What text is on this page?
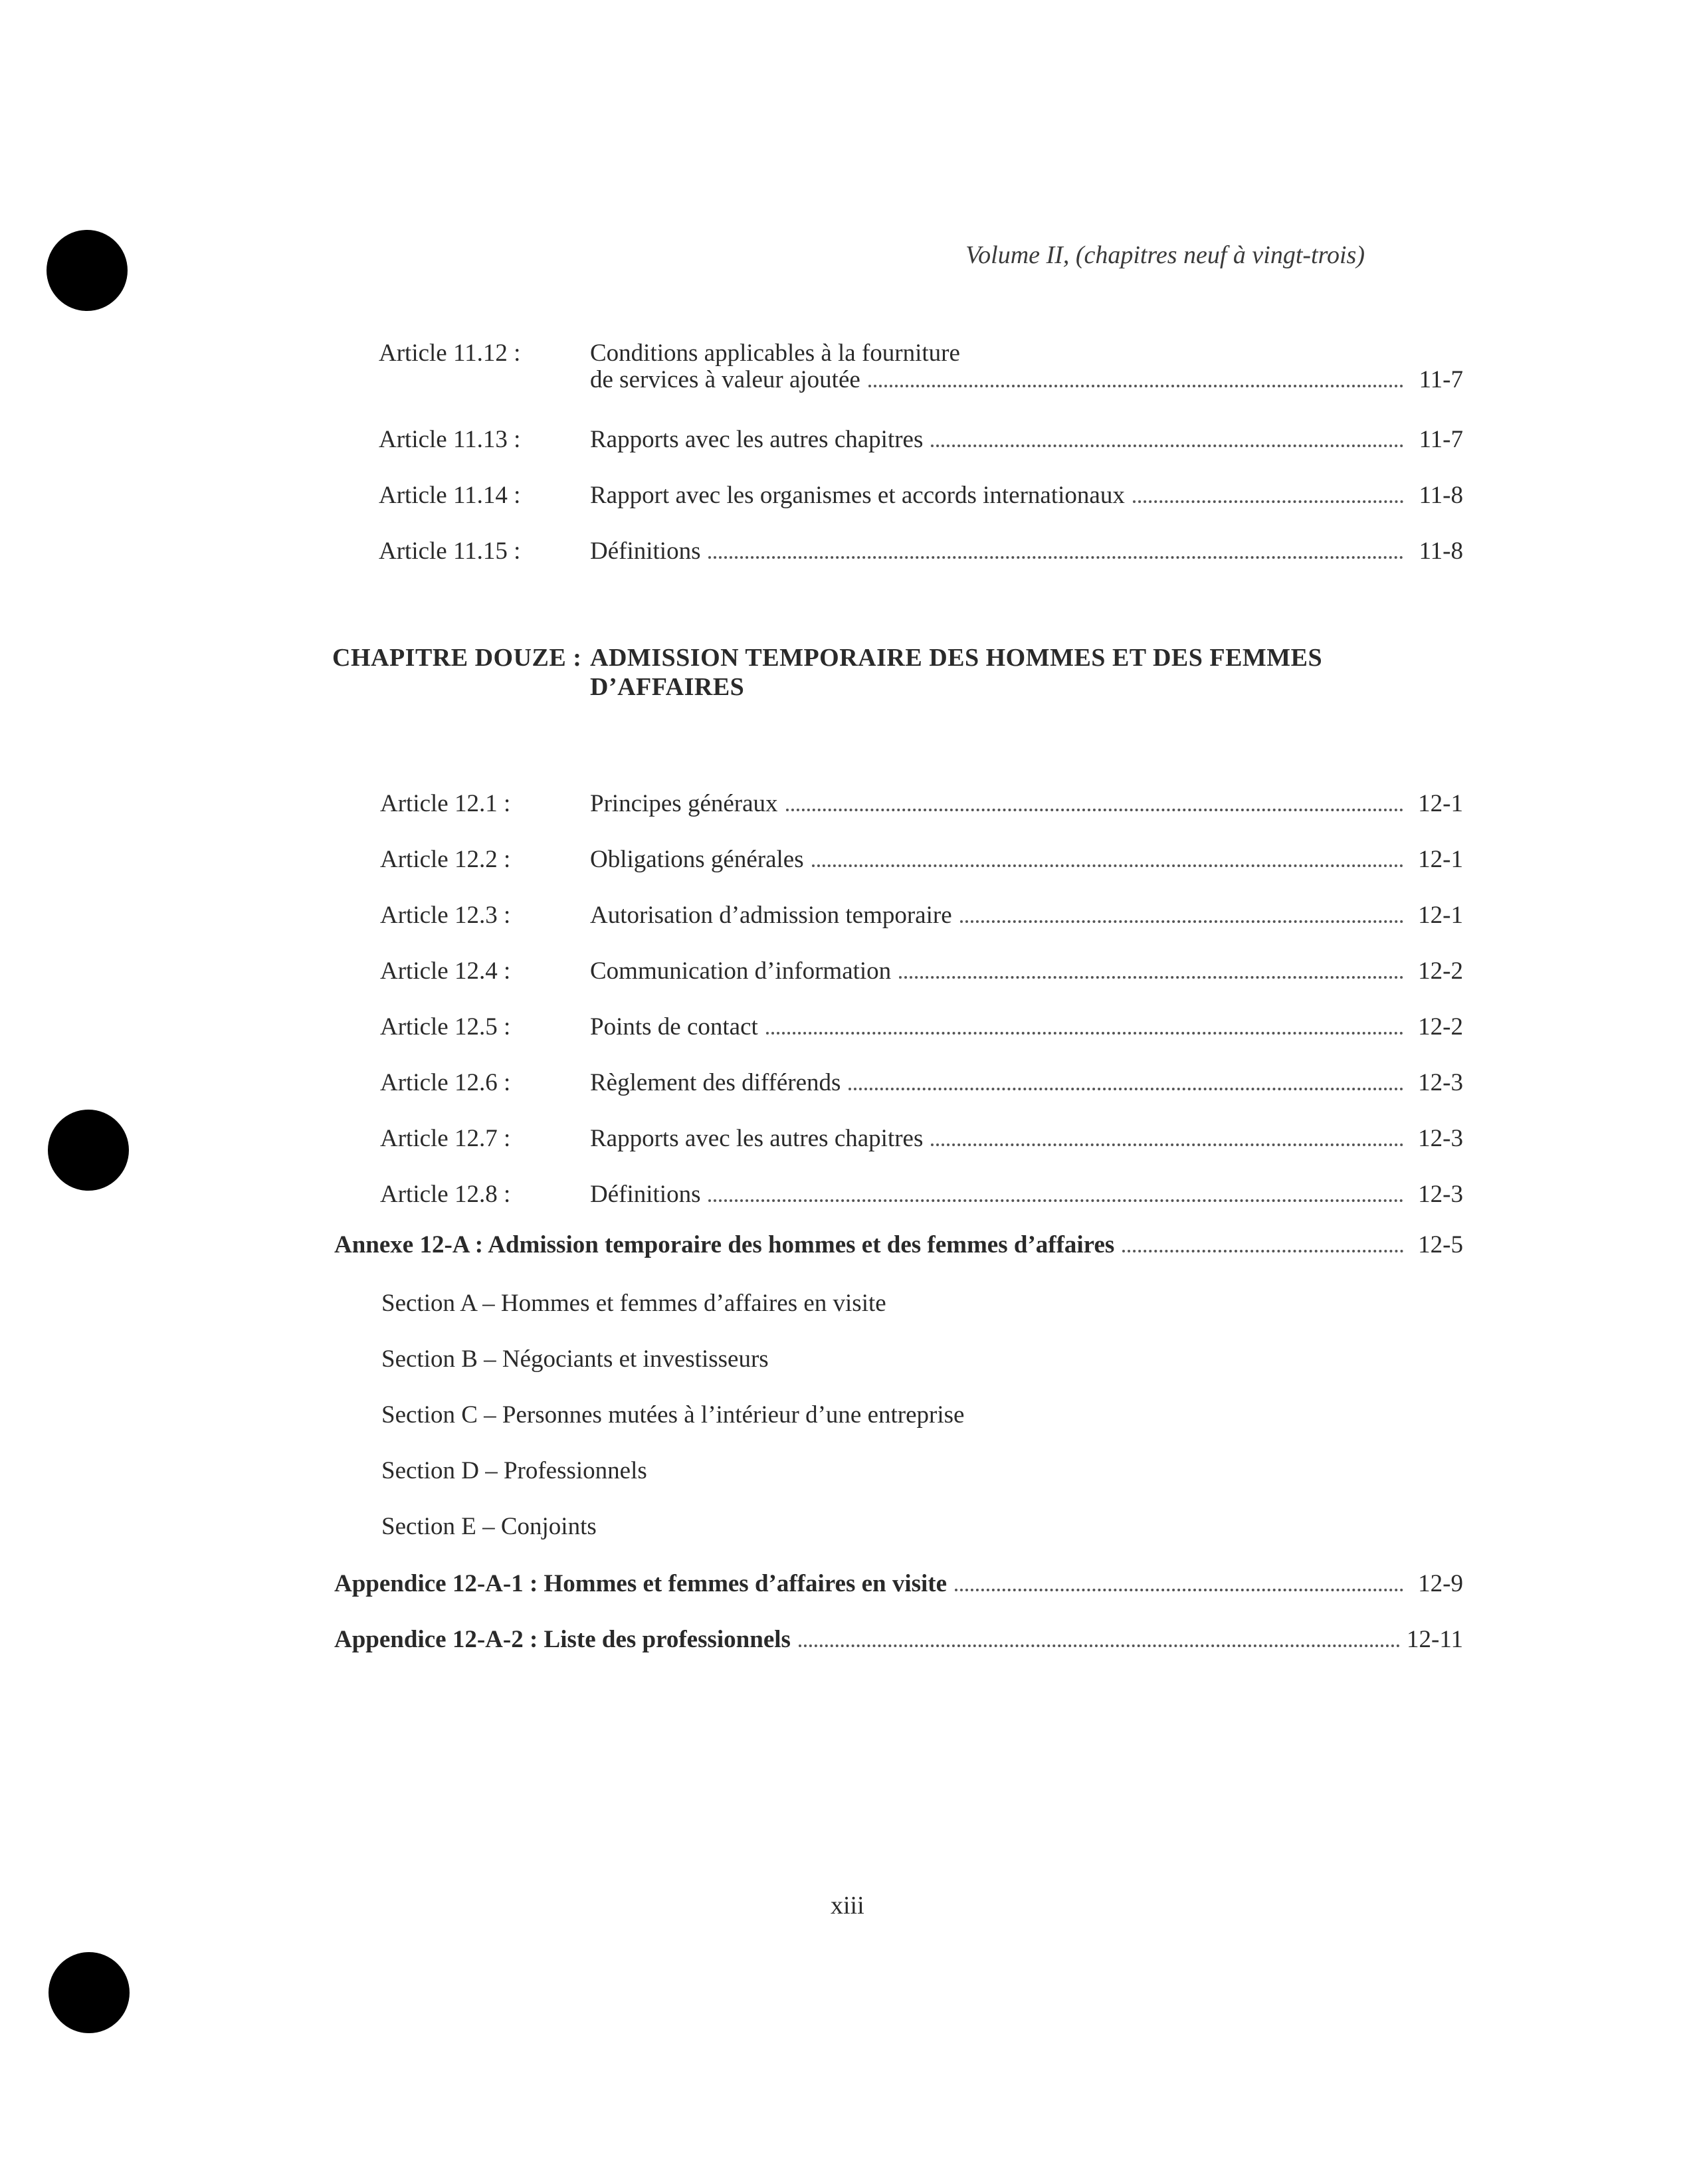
Volume II, (chapitres neuf à vingt-trois)
Article 11.12 :	Conditions applicables à la fourniture
de services à valeur ajoutée	11-7
Article 11.13 :	Rapports avec les autres chapitres	11-7
Article 11.14 :	Rapport avec les organismes et accords internationaux	11-8
Article 11.15 :	Définitions	11-8
CHAPITRE DOUZE : ADMISSION TEMPORAIRE DES HOMMES ET DES FEMMES
D’AFFAIRES
Article 12.1 :	Principes généraux	12-1
Article 12.2 :	Obligations générales	12-1
Article 12.3 :	Autorisation d’admission temporaire	12-1
Article 12.4 :	Communication d’information	12-2
Article 12.5 :	Points de contact	12-2
Article 12.6 :	Règlement des différends	12-3
Article 12.7 :	Rapports avec les autres chapitres	12-3
Article 12.8 :	Définitions	12-3
Annexe 12-A : Admission temporaire des hommes et des femmes d’affaires	12-5
Section A – Hommes et femmes d’affaires en visite
Section B – Négociants et investisseurs
Section C – Personnes mutées à l’intérieur d’une entreprise
Section D – Professionnels
Section E – Conjoints
Appendice 12-A-1 : Hommes et femmes d’affaires en visite	12-9
Appendice 12-A-2 : Liste des professionnels	12-11
xiii
